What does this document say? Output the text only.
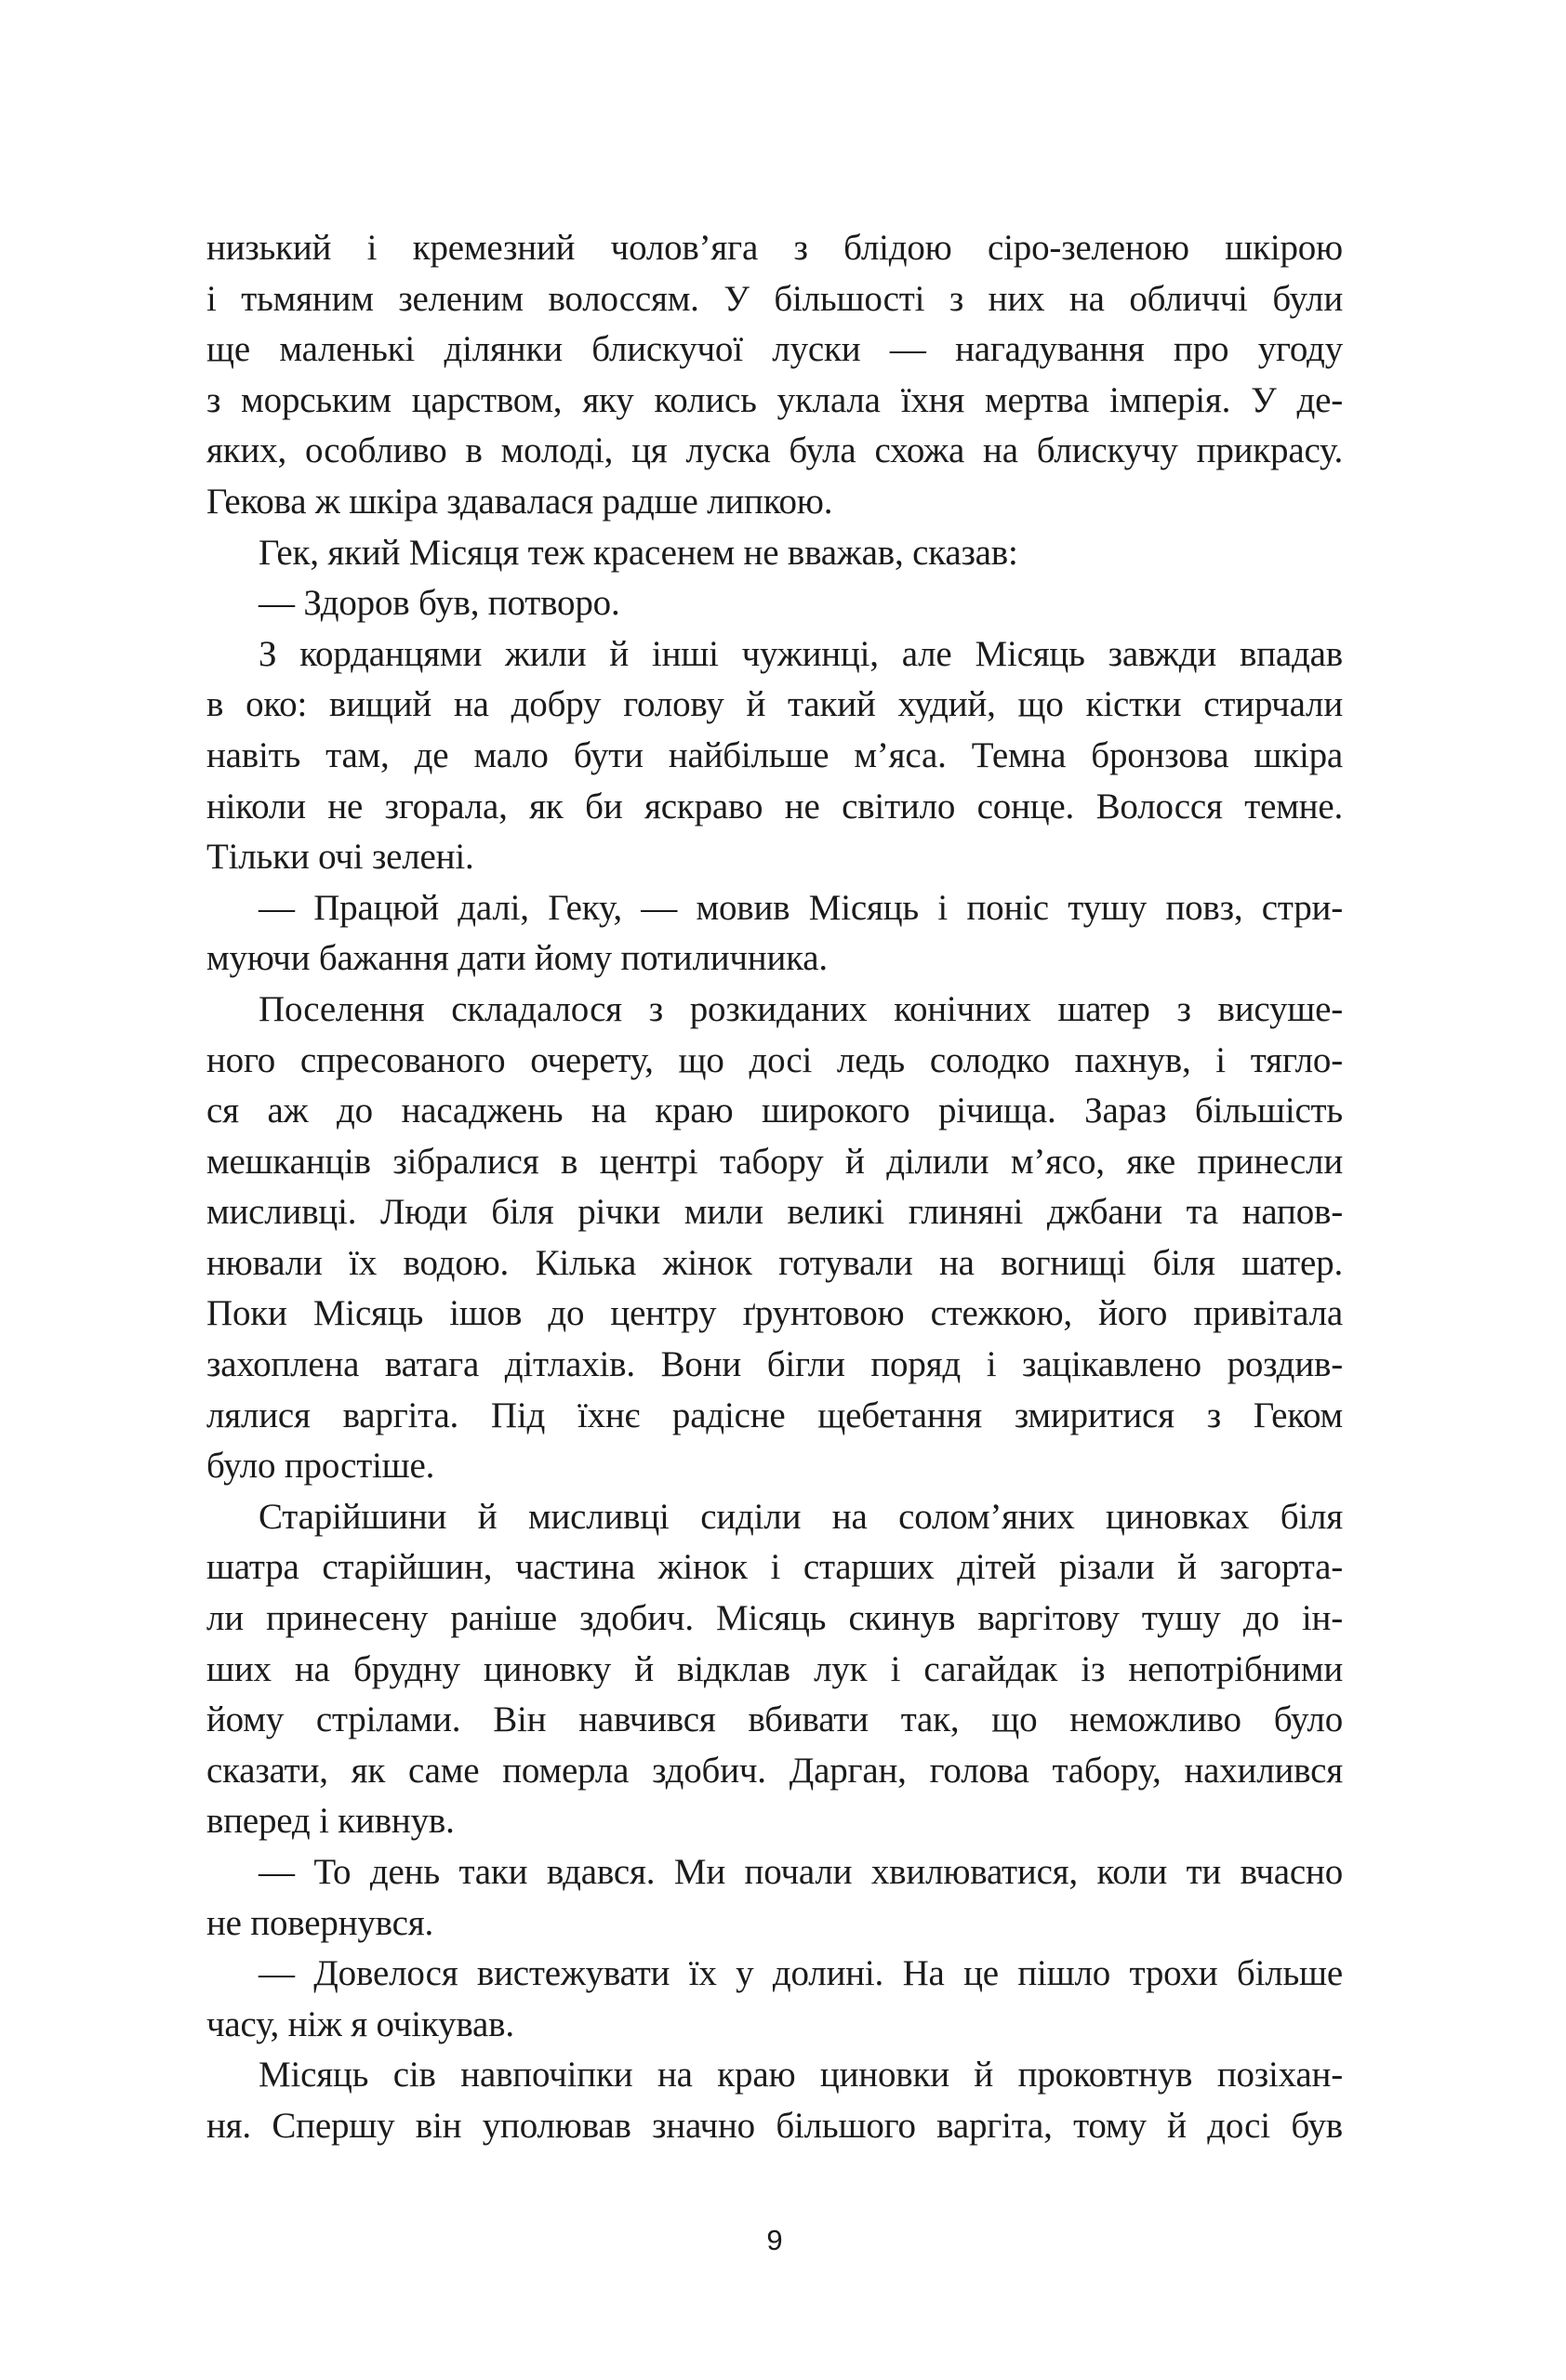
низький і кремезний чолов’яга з блідою сіро-зеленою шкірою
і тьмяним зеленим волоссям. У більшості з них на обличчі були
ще маленькі ділянки блискучої луски — нагадування про угоду
з морським царством, яку колись уклала їхня мертва імперія. У де-
яких, особливо в молоді, ця луска була схожа на блискучу прикрасу.
Гекова ж шкіра здавалася радше липкою.
Гек, який Місяця теж красенем не вважав, сказав:
— Здоров був, потворо.
З корданцями жили й інші чужинці, але Місяць завжди впадав
в око: вищий на добру голову й такий худий, що кістки стирчали
навіть там, де мало бути найбільше м’яса. Темна бронзова шкіра
ніколи не згорала, як би яскраво не світило сонце. Волосся темне.
Тільки очі зелені.
— Працюй далі, Геку, — мовив Місяць і поніс тушу повз, стри-
муючи бажання дати йому потиличника.
Поселення складалося з розкиданих конічних шатер з висуше-
ного спресованого очерету, що досі ледь солодко пахнув, і тягло-
ся аж до насаджень на краю широкого річища. Зараз більшість
мешканців зібралися в центрі табору й ділили м’ясо, яке принесли
мисливці. Люди біля річки мили великі глиняні джбани та напов-
нювали їх водою. Кілька жінок готували на вогнищі біля шатер.
Поки Місяць ішов до центру ґрунтовою стежкою, його привітала
захоплена ватага дітлахів. Вони бігли поряд і зацікавлено роздив-
лялися варгіта. Під їхнє радісне щебетання змиритися з Геком
було простіше.
Старійшини й мисливці сиділи на солом’яних циновках біля
шатра старійшин, частина жінок і старших дітей різали й загорта-
ли принесену раніше здобич. Місяць скинув варгітову тушу до ін-
ших на брудну циновку й відклав лук і сагайдак із непотрібними
йому стрілами. Він навчився вбивати так, що неможливо було
сказати, як саме померла здобич. Дарган, голова табору, нахилився
вперед і кивнув.
— То день таки вдався. Ми почали хвилюватися, коли ти вчасно
не повернувся.
— Довелося вистежувати їх у долині. На це пішло трохи більше
часу, ніж я очікував.
Місяць сів навпочіпки на краю циновки й проковтнув позіхан-
ня. Спершу він уполював значно більшого варгіта, тому й досі був
9
